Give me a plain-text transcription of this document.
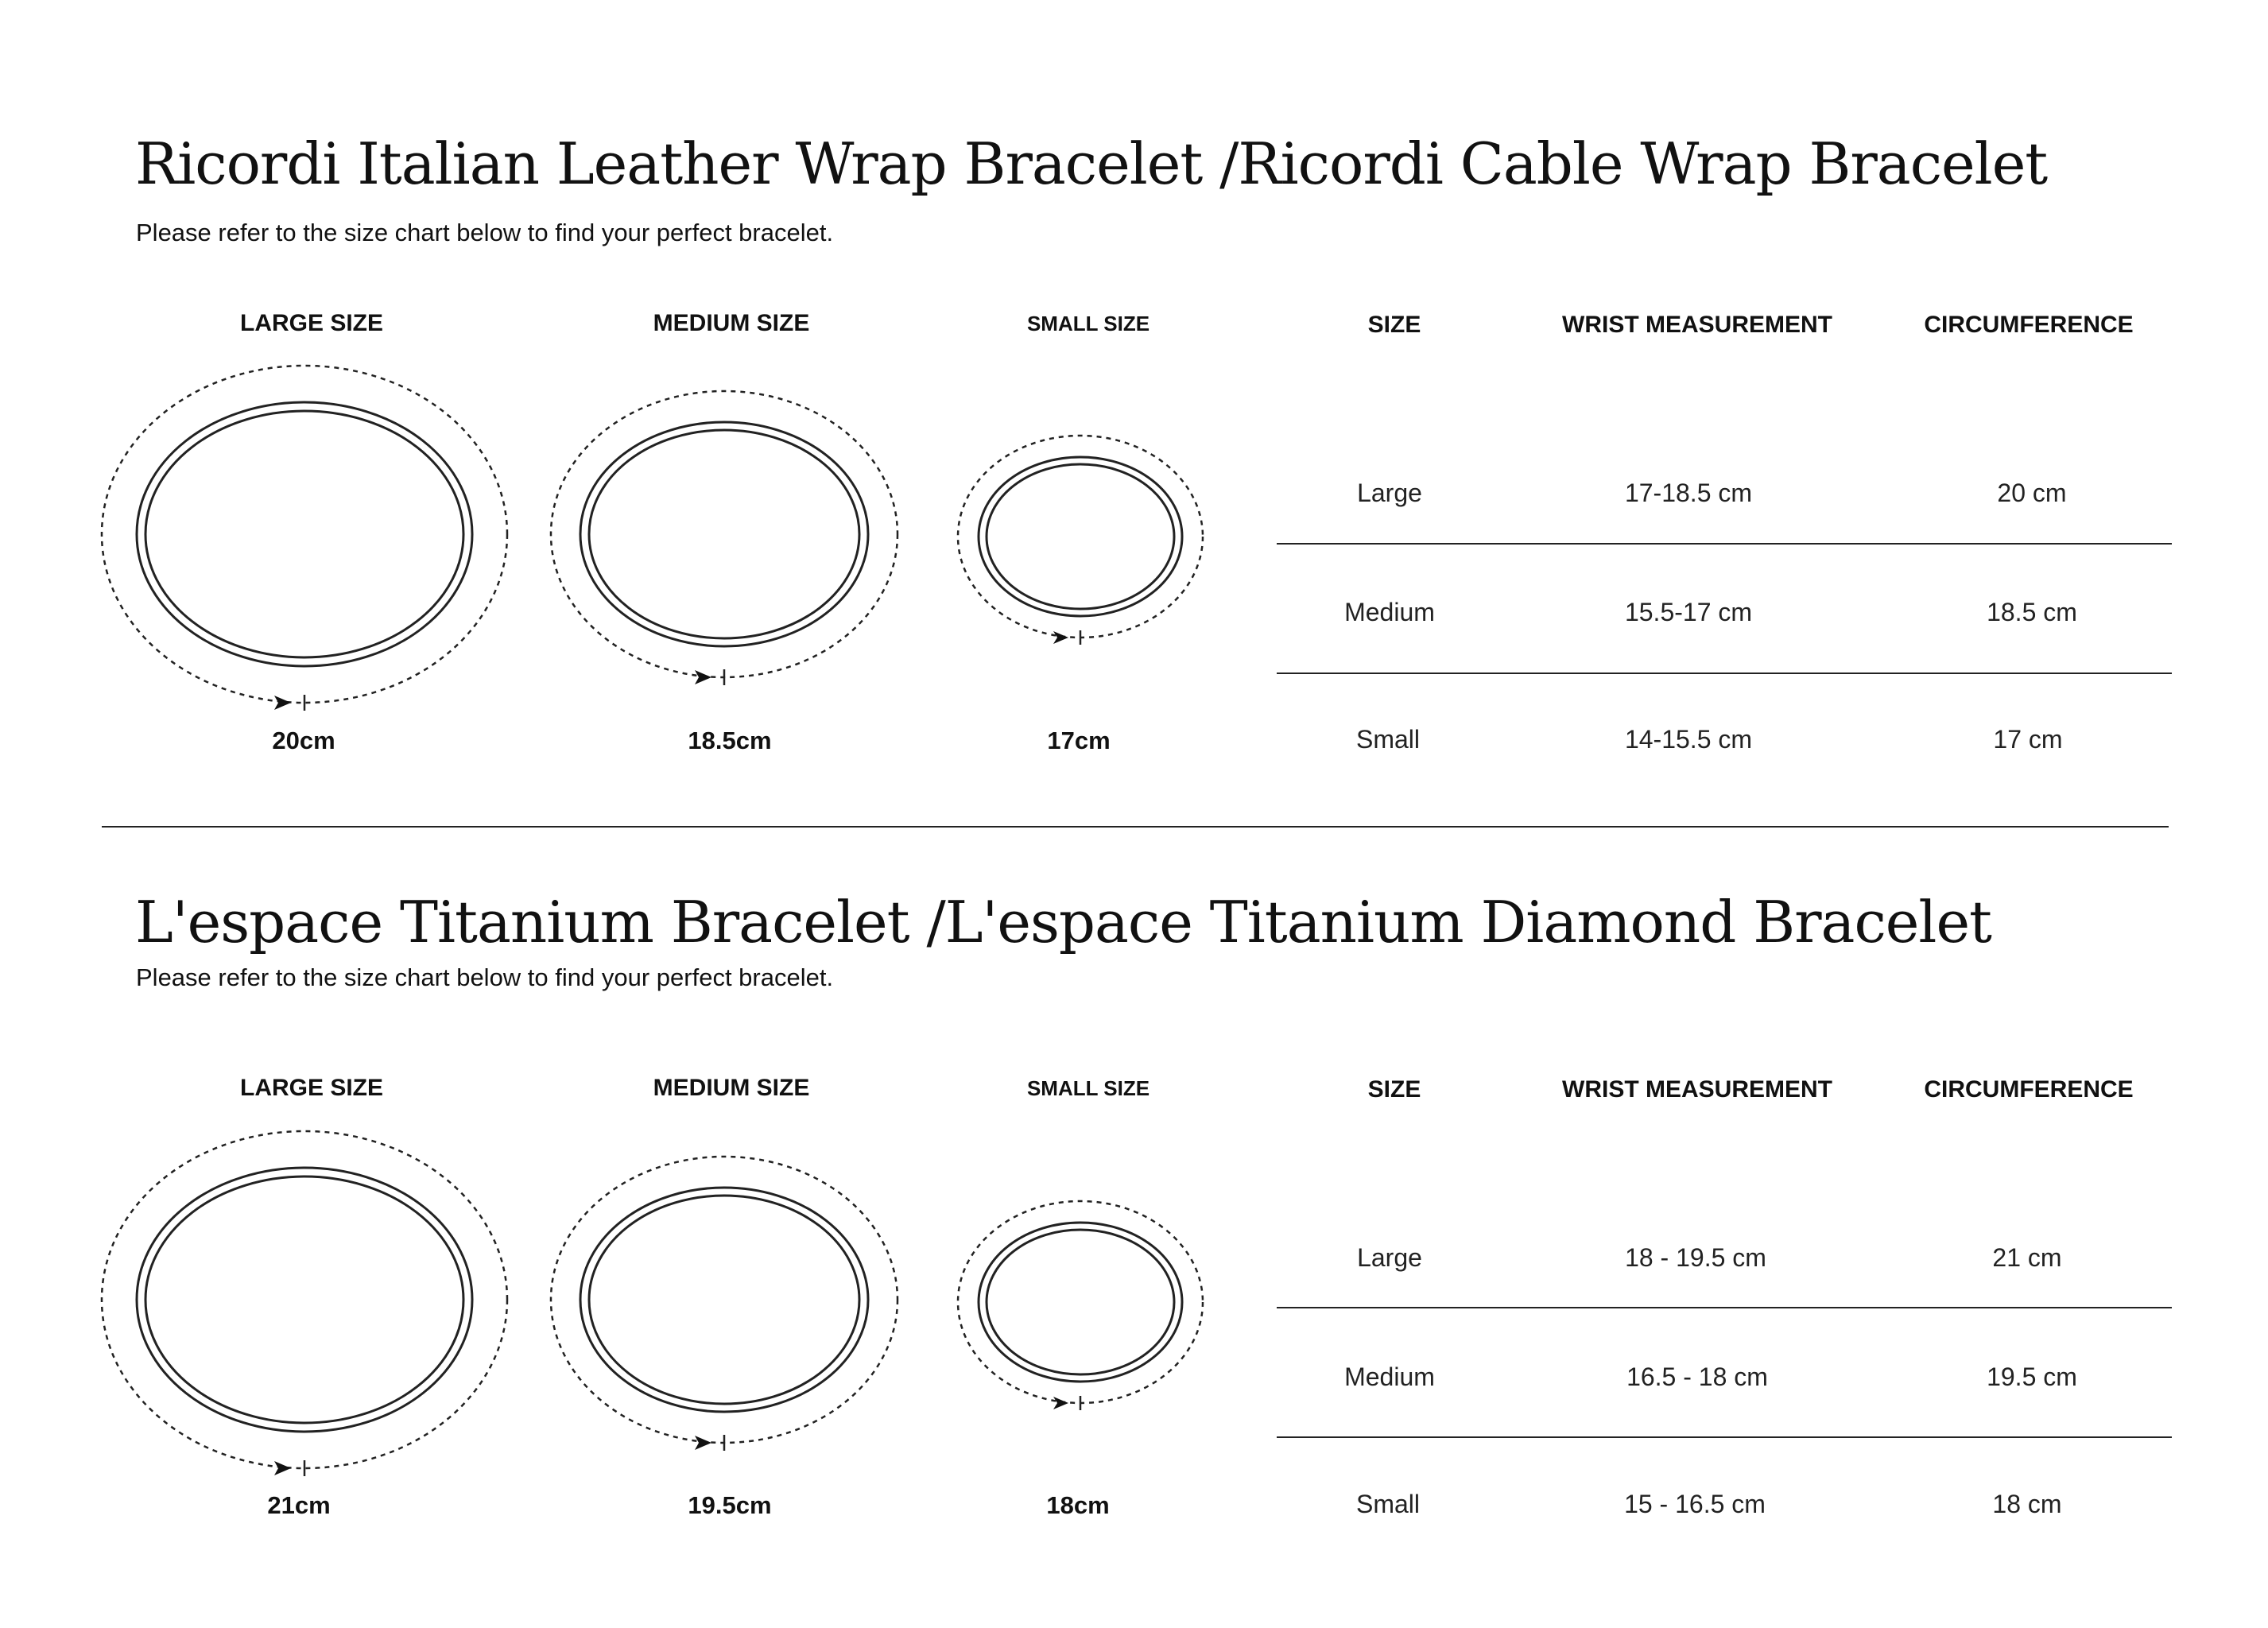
Ricordi Italian Leather Wrap Bracelet /Ricordi Cable Wrap Bracelet
Please refer to the size chart below to find your perfect bracelet.
LARGE SIZE	MEDIUM SIZE	SMALL SIZE
20cm	18.5cm	17cm
SIZE	WRIST MEASUREMENT	CIRCUMFERENCE
Large	17-18.5 cm	20 cm
Medium	15.5-17 cm	18.5 cm
Small	14-15.5 cm	17 cm
L'espace Titanium Bracelet /L'espace Titanium Diamond Bracelet
Please refer to the size chart below to find your perfect bracelet.
LARGE SIZE	MEDIUM SIZE	SMALL SIZE
21cm	19.5cm	18cm
SIZE	WRIST MEASUREMENT	CIRCUMFERENCE
Large	18 - 19.5 cm	21 cm
Medium	16.5 - 18 cm	19.5 cm
Small	15 - 16.5 cm	18 cm
